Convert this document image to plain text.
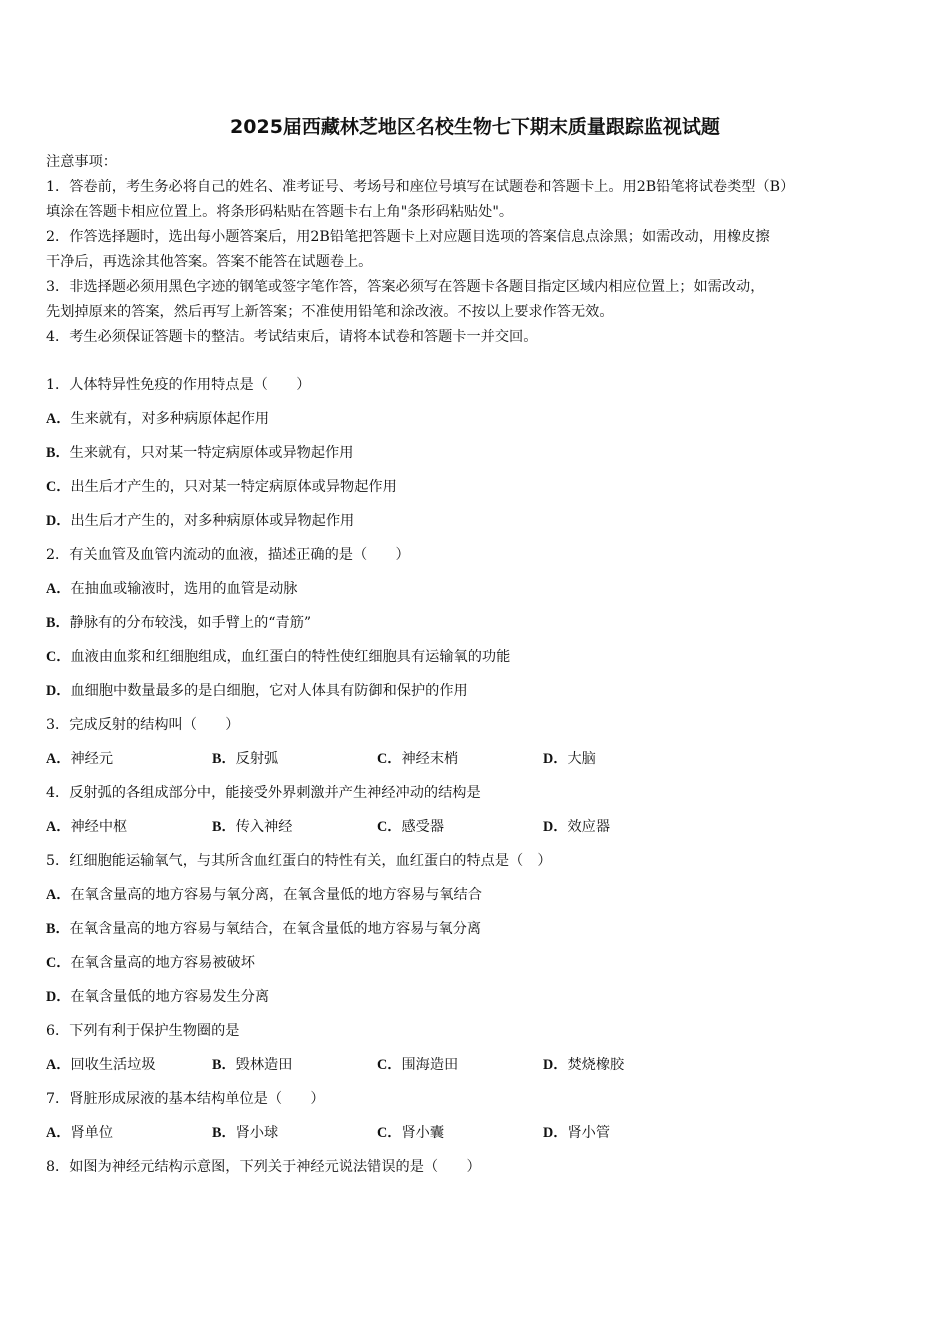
2025届西藏林芝地区名校生物七下期末质量跟踪监视试题
注意事项：
1．答卷前，考生务必将自己的姓名、准考证号、考场号和座位号填写在试题卷和答题卡上。用2B铅笔将试卷类型（B）
填涂在答题卡相应位置上。将条形码粘贴在答题卡右上角"条形码粘贴处"。
2．作答选择题时，选出每小题答案后，用2B铅笔把答题卡上对应题目选项的答案信息点涂黑；如需改动，用橡皮擦
干净后，再选涂其他答案。答案不能答在试题卷上。
3．非选择题必须用黑色字迹的钢笔或签字笔作答，答案必须写在答题卡各题目指定区域内相应位置上；如需改动，
先划掉原来的答案，然后再写上新答案；不准使用铅笔和涂改液。不按以上要求作答无效。
4．考生必须保证答题卡的整洁。考试结束后，请将本试卷和答题卡一并交回。
1．人体特异性免疫的作用特点是（　　）
A．生来就有，对多种病原体起作用
B．生来就有，只对某一特定病原体或异物起作用
C．出生后才产生的，只对某一特定病原体或异物起作用
D．出生后才产生的，对多种病原体或异物起作用
2．有关血管及血管内流动的血液，描述正确的是（　　）
A．在抽血或输液时，选用的血管是动脉
B．静脉有的分布较浅，如手臂上的“青筋”
C．血液由血浆和红细胞组成，血红蛋白的特性使红细胞具有运输氧的功能
D．血细胞中数量最多的是白细胞，它对人体具有防御和保护的作用
3．完成反射的结构叫（　　）
A．神经元	B．反射弧	C．神经末梢	D．大脑
4．反射弧的各组成部分中，能接受外界刺激并产生神经冲动的结构是
A．神经中枢	B．传入神经	C．感受器	D．效应器
5．红细胞能运输氧气，与其所含血红蛋白的特性有关，血红蛋白的特点是（　）
A．在氧含量高的地方容易与氧分离，在氧含量低的地方容易与氧结合
B．在氧含量高的地方容易与氧结合，在氧含量低的地方容易与氧分离
C．在氧含量高的地方容易被破坏
D．在氧含量低的地方容易发生分离
6．下列有利于保护生物圈的是
A．回收生活垃圾	B．毁林造田	C．围海造田	D．焚烧橡胶
7．肾脏形成尿液的基本结构单位是（　　）
A．肾单位	B．肾小球	C．肾小囊	D．肾小管
8．如图为神经元结构示意图，下列关于神经元说法错误的是（　　）
